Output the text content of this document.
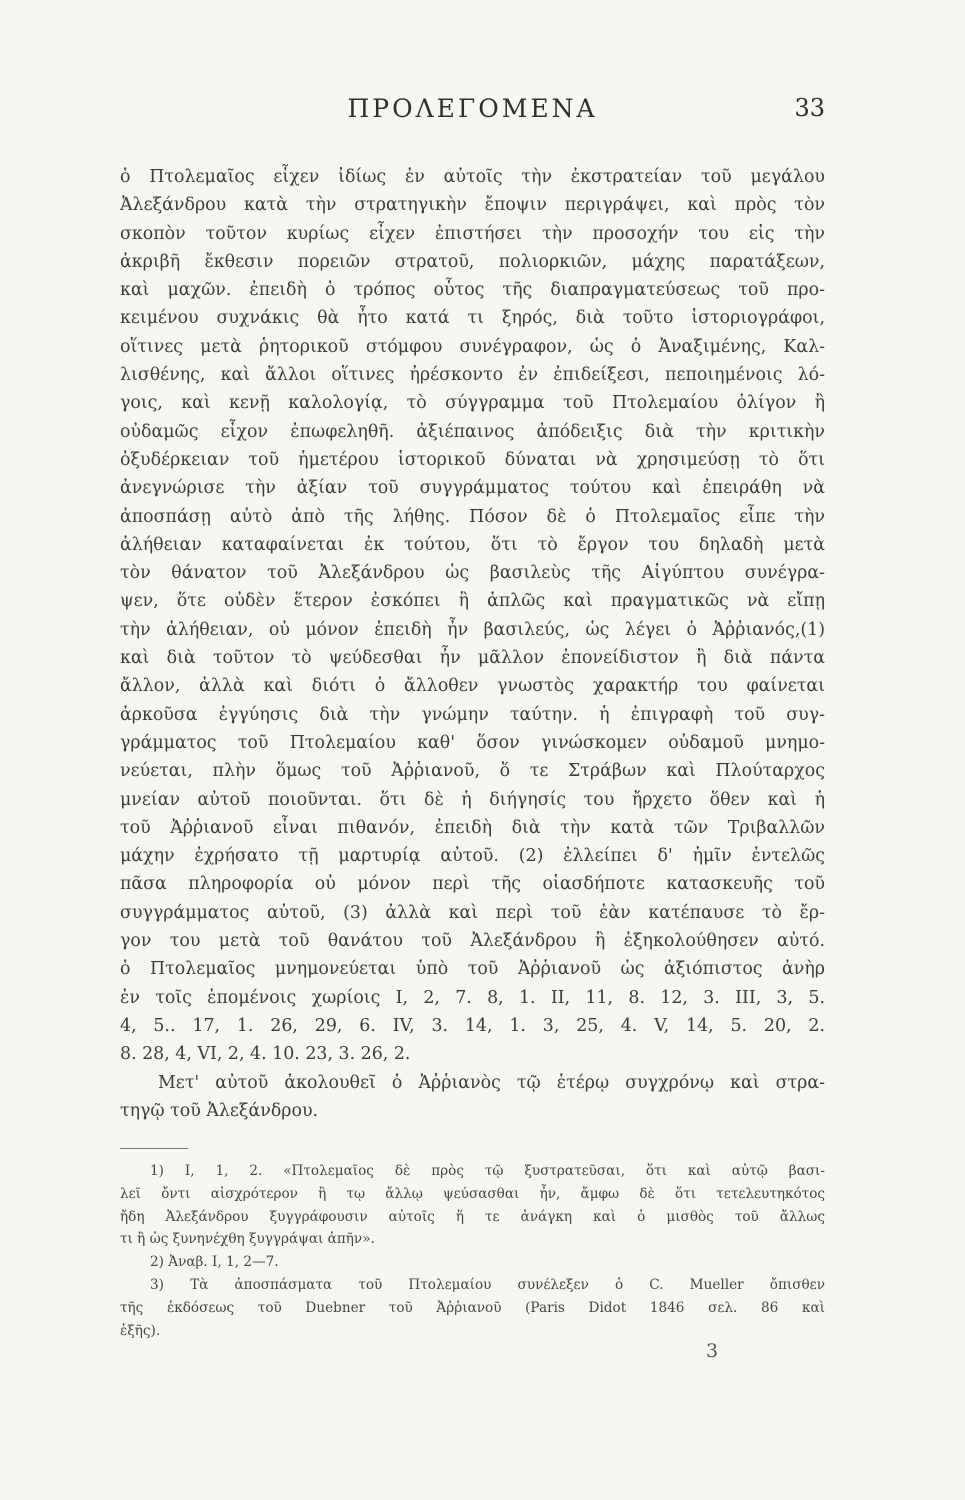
ΠΡΟΛΕΓΟΜΕΝΑ	33
ὁ Πτολεμαῖος εἶχεν ἰδίως ἐν αὐτοῖς τὴν ἐκστρατείαν τοῦ μεγάλου
Ἀλεξάνδρου κατὰ τὴν στρατηγικὴν ἔποψιν περιγράψει, καὶ πρὸς τὸν
σκοπὸν τοῦτον κυρίως εἶχεν ἐπιστήσει τὴν προσοχήν του εἰς τὴν
ἀκριβῆ ἔκθεσιν πορειῶν στρατοῦ, πολιορκιῶν, μάχης παρατάξεων,
καὶ μαχῶν. ἐπειδὴ ὁ τρόπος οὗτος τῆς διαπραγματεύσεως τοῦ προ-
κειμένου συχνάκις θὰ ἦτο κατά τι ξηρός, διὰ τοῦτο ἱστοριογράφοι,
οἵτινες μετὰ ῥητορικοῦ στόμφου συνέγραφον, ὡς ὁ Ἀναξιμένης, Καλ-
λισθένης, καὶ ἄλλοι οἵτινες ἠρέσκοντο ἐν ἐπιδείξεσι, πεποιημένοις λό-
γοις, καὶ κενῇ καλολογίᾳ, τὸ σύγγραμμα τοῦ Πτολεμαίου ὀλίγον ἢ
οὐδαμῶς εἶχον ἐπωφεληθῆ. ἀξιέπαινος ἀπόδειξις διὰ τὴν κριτικὴν
ὀξυδέρκειαν τοῦ ἡμετέρου ἱστορικοῦ δύναται νὰ χρησιμεύσῃ τὸ ὅτι
ἀνεγνώρισε τὴν ἀξίαν τοῦ συγγράμματος τούτου καὶ ἐπειράθη νὰ
ἀποσπάσῃ αὐτὸ ἀπὸ τῆς λήθης. Πόσον δὲ ὁ Πτολεμαῖος εἶπε τὴν
ἀλήθειαν καταφαίνεται ἐκ τούτου, ὅτι τὸ ἔργον του δηλαδὴ μετὰ
τὸν θάνατον τοῦ Ἀλεξάνδρου ὡς βασιλεὺς τῆς Αἰγύπτου συνέγρα-
ψεν, ὅτε οὐδὲν ἕτερον ἐσκόπει ἢ ἁπλῶς καὶ πραγματικῶς νὰ εἴπῃ
τὴν ἀλήθειαν, οὐ μόνον ἐπειδὴ ἦν βασιλεύς, ὡς λέγει ὁ Ἀῤῥιανός,(1)
καὶ διὰ τοῦτον τὸ ψεύδεσθαι ἦν μᾶλλον ἐπονείδιστον ἢ διὰ πάντα
ἄλλον, ἀλλὰ καὶ διότι ὁ ἄλλοθεν γνωστὸς χαρακτήρ του φαίνεται
ἀρκοῦσα ἐγγύησις διὰ τὴν γνώμην ταύτην. ἡ ἐπιγραφὴ τοῦ συγ-
γράμματος τοῦ Πτολεμαίου καθ' ὅσον γινώσκομεν οὐδαμοῦ μνημο-
νεύεται, πλὴν ὅμως τοῦ Ἀῤῥιανοῦ, ὅ τε Στράβων καὶ Πλούταρχος
μνείαν αὐτοῦ ποιοῦνται. ὅτι δὲ ἡ διήγησίς του ἤρχετο ὅθεν καὶ ἡ
τοῦ Ἀῤῥιανοῦ εἶναι πιθανόν, ἐπειδὴ διὰ τὴν κατὰ τῶν Τριβαλλῶν
μάχην ἐχρήσατο τῇ μαρτυρίᾳ αὐτοῦ. (2) ἐλλείπει δ' ἡμῖν ἐντελῶς
πᾶσα πληροφορία οὐ μόνον περὶ τῆς οἱασδήποτε κατασκευῆς τοῦ
συγγράμματος αὐτοῦ, (3) ἀλλὰ καὶ περὶ τοῦ ἐὰν κατέπαυσε τὸ ἔρ-
γον του μετὰ τοῦ θανάτου τοῦ Ἀλεξάνδρου ἢ ἐξηκολούθησεν αὐτό.
ὁ Πτολεμαῖος μνημονεύεται ὑπὸ τοῦ Ἀῤῥιανοῦ ὡς ἀξιόπιστος ἀνὴρ
ἐν τοῖς ἑπομένοις χωρίοις I, 2, 7. 8, 1. II, 11, 8. 12, 3. III, 3, 5.
4, 5.. 17, 1. 26, 29, 6. IV, 3. 14, 1. 3, 25, 4. V, 14, 5. 20, 2.
8. 28, 4, VI, 2, 4. 10. 23, 3. 26, 2.
Μετ' αὐτοῦ ἀκολουθεῖ ὁ Ἀῤῥιανὸς τῷ ἑτέρῳ συγχρόνῳ καὶ στρα-
τηγῷ τοῦ Ἀλεξάνδρου.
1) I, 1, 2. «Πτολεμαῖος δὲ πρὸς τῷ ξυστρατεῦσαι, ὅτι καὶ αὐτῷ βασι-
λεῖ ὄντι αἰσχρότερον ἢ τῳ ἄλλῳ ψεύσασθαι ἦν, ἄμφω δὲ ὅτι τετελευτηκότος
ἤδη Ἀλεξάνδρου ξυγγράφουσιν αὐτοῖς ἥ τε ἀνάγκη καὶ ὁ μισθὸς τοῦ ἄλλως
τι ἢ ὡς ξυνηνέχθη ξυγγράψαι ἀπῆν».
2) Ἀναβ. I, 1, 2—7.
3) Τὰ ἀποσπάσματα τοῦ Πτολεμαίου συνέλεξεν ὁ C. Mueller ὄπισθεν
τῆς ἐκδόσεως τοῦ Duebner τοῦ Ἀῤῥιανοῦ (Paris Didot 1846 σελ. 86 καὶ
ἑξῆς).
3
